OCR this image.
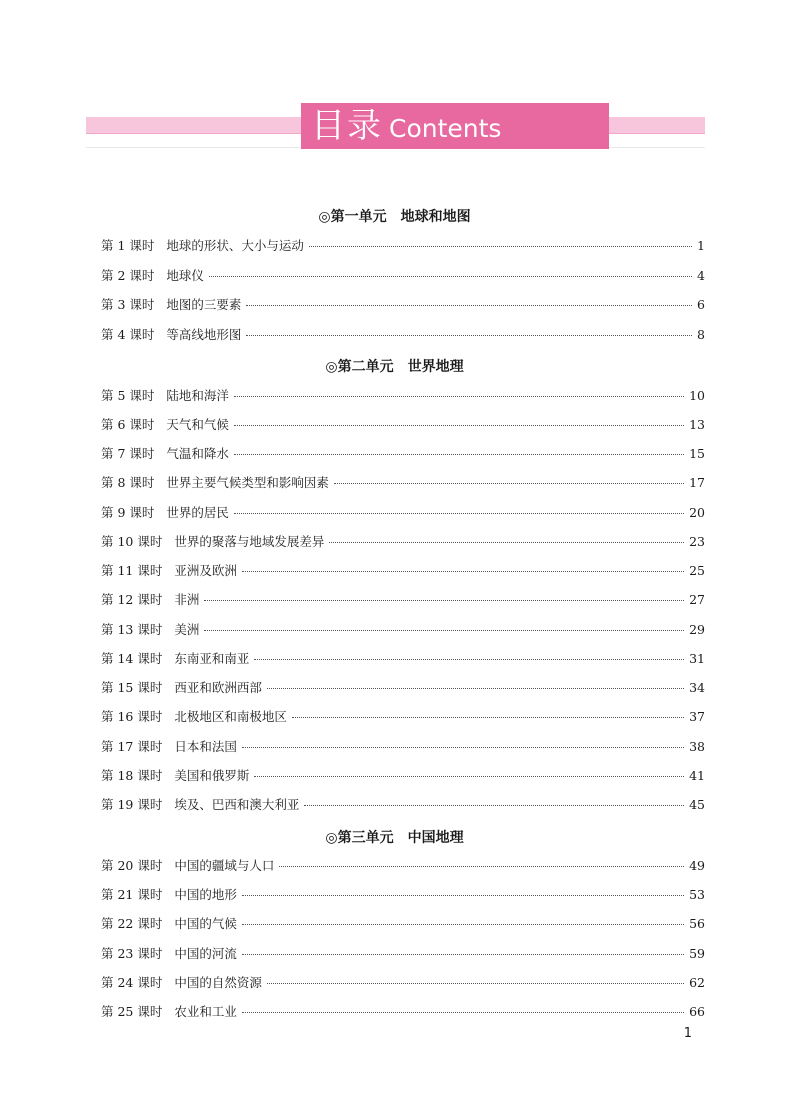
目录 Contents
◎第一单元　地球和地图
第 1 课时 地球的形状、大小与运动	1
第 2 课时 地球仪	4
第 3 课时 地图的三要素	6
第 4 课时 等高线地形图	8
◎第二单元　世界地理
第 5 课时 陆地和海洋	10
第 6 课时 天气和气候	13
第 7 课时 气温和降水	15
第 8 课时 世界主要气候类型和影响因素	17
第 9 课时 世界的居民	20
第 10 课时 世界的聚落与地域发展差异	23
第 11 课时 亚洲及欧洲	25
第 12 课时 非洲	27
第 13 课时 美洲	29
第 14 课时 东南亚和南亚	31
第 15 课时 西亚和欧洲西部	34
第 16 课时 北极地区和南极地区	37
第 17 课时 日本和法国	38
第 18 课时 美国和俄罗斯	41
第 19 课时 埃及、巴西和澳大利亚	45
◎第三单元　中国地理
第 20 课时 中国的疆域与人口	49
第 21 课时 中国的地形	53
第 22 课时 中国的气候	56
第 23 课时 中国的河流	59
第 24 课时 中国的自然资源	62
第 25 课时 农业和工业	66
1
